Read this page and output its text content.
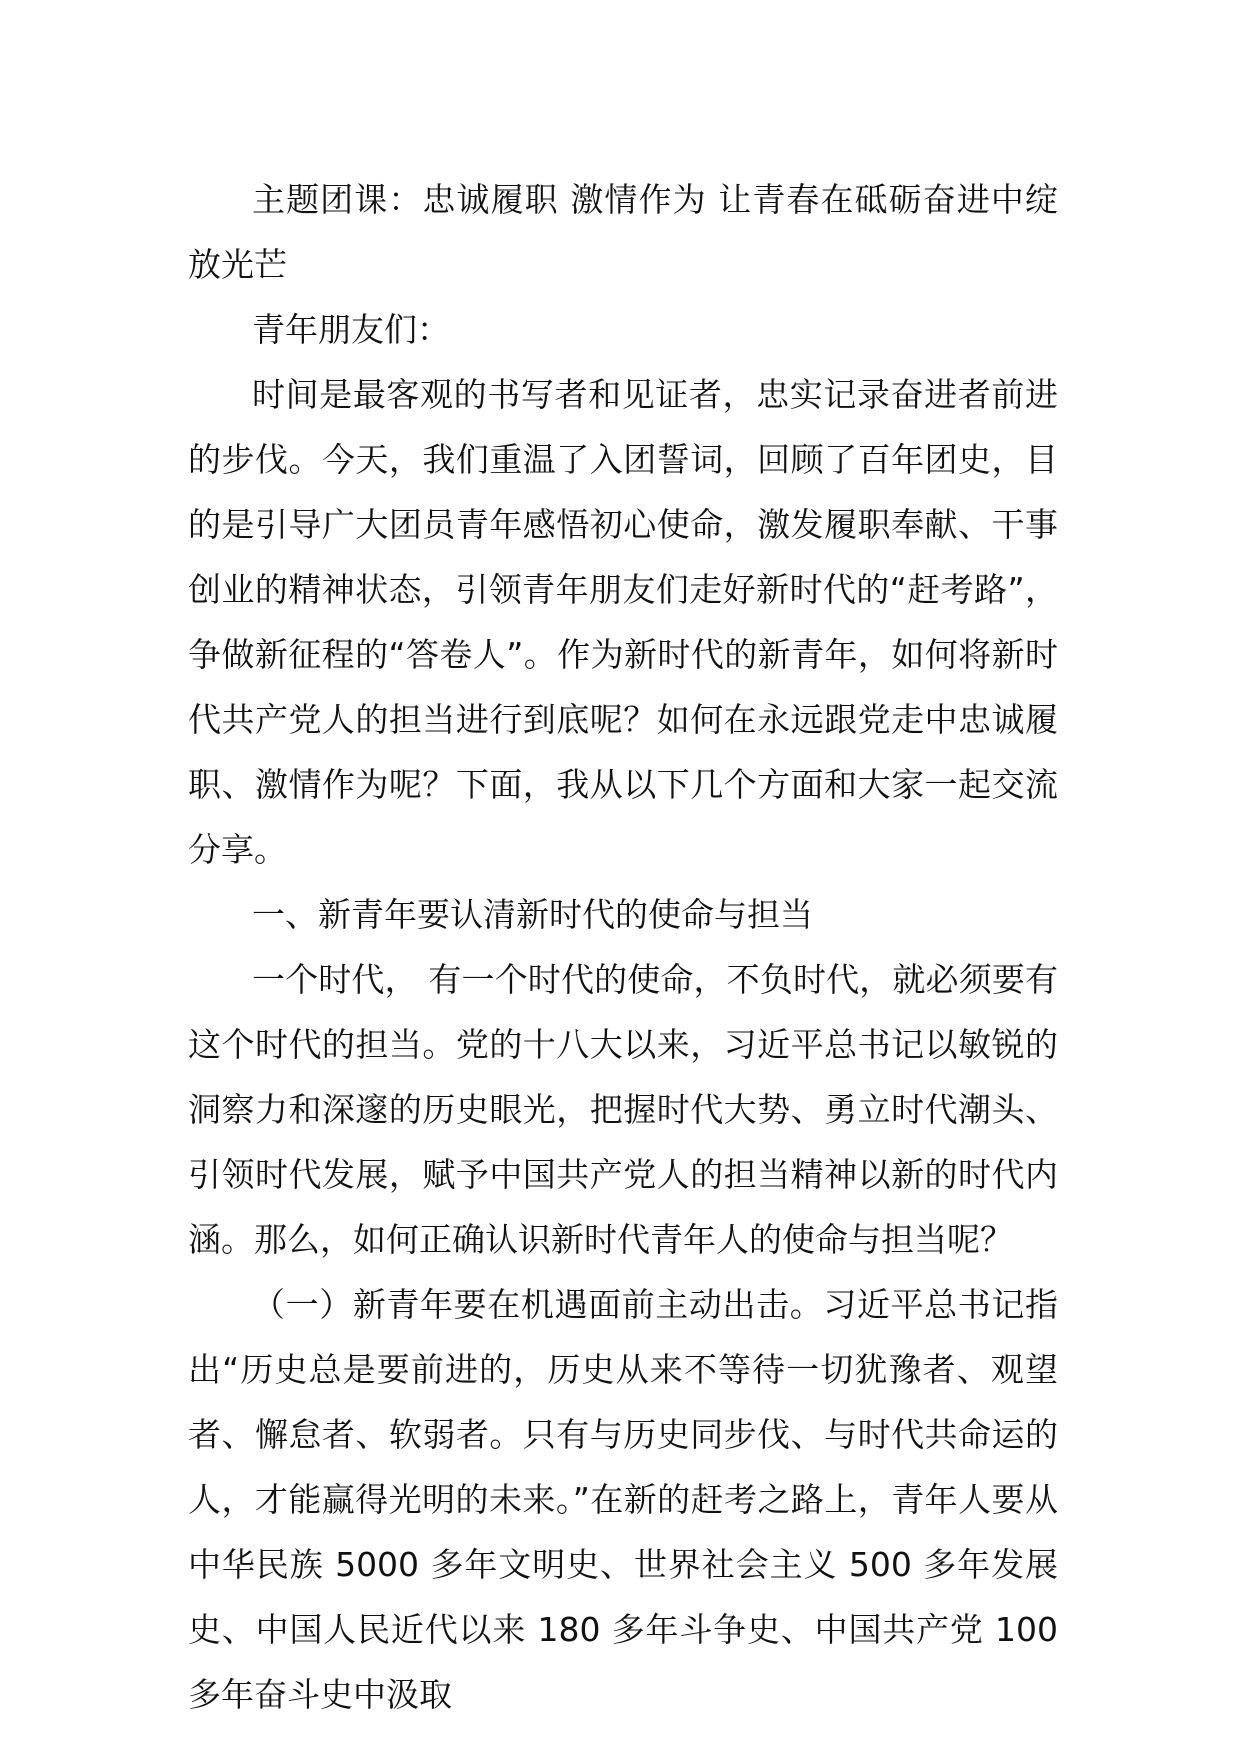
主题团课：忠诚履职 激情作为 让青春在砥砺奋进中绽放光芒

青年朋友们：

时间是最客观的书写者和见证者，忠实记录奋进者前进的步伐。今天，我们重温了入团誓词，回顾了百年团史，目的是引导广大团员青年感悟初心使命，激发履职奉献、干事创业的精神状态，引领青年朋友们走好新时代的“赶考路”，争做新征程的“答卷人”。作为新时代的新青年，如何将新时代共产党人的担当进行到底呢？如何在永远跟党走中忠诚履职、激情作为呢？下面，我从以下几个方面和大家一起交流分享。

一、新青年要认清新时代的使命与担当

一个时代， 有一个时代的使命，不负时代，就必须要有这个时代的担当。党的十八大以来，习近平总书记以敏锐的洞察力和深邃的历史眼光，把握时代大势、勇立时代潮头、引领时代发展，赋予中国共产党人的担当精神以新的时代内涵。那么，如何正确认识新时代青年人的使命与担当呢？

（一）新青年要在机遇面前主动出击。习近平总书记指出“历史总是要前进的，历史从来不等待一切犹豫者、观望者、懈怠者、软弱者。只有与历史同步伐、与时代共命运的人，才能赢得光明的未来。”在新的赶考之路上，青年人要从中华民族 5000 多年文明史、世界社会主义 500 多年发展史、中国人民近代以来 180 多年斗争史、中国共产党 100 多年奋斗史中汲取
